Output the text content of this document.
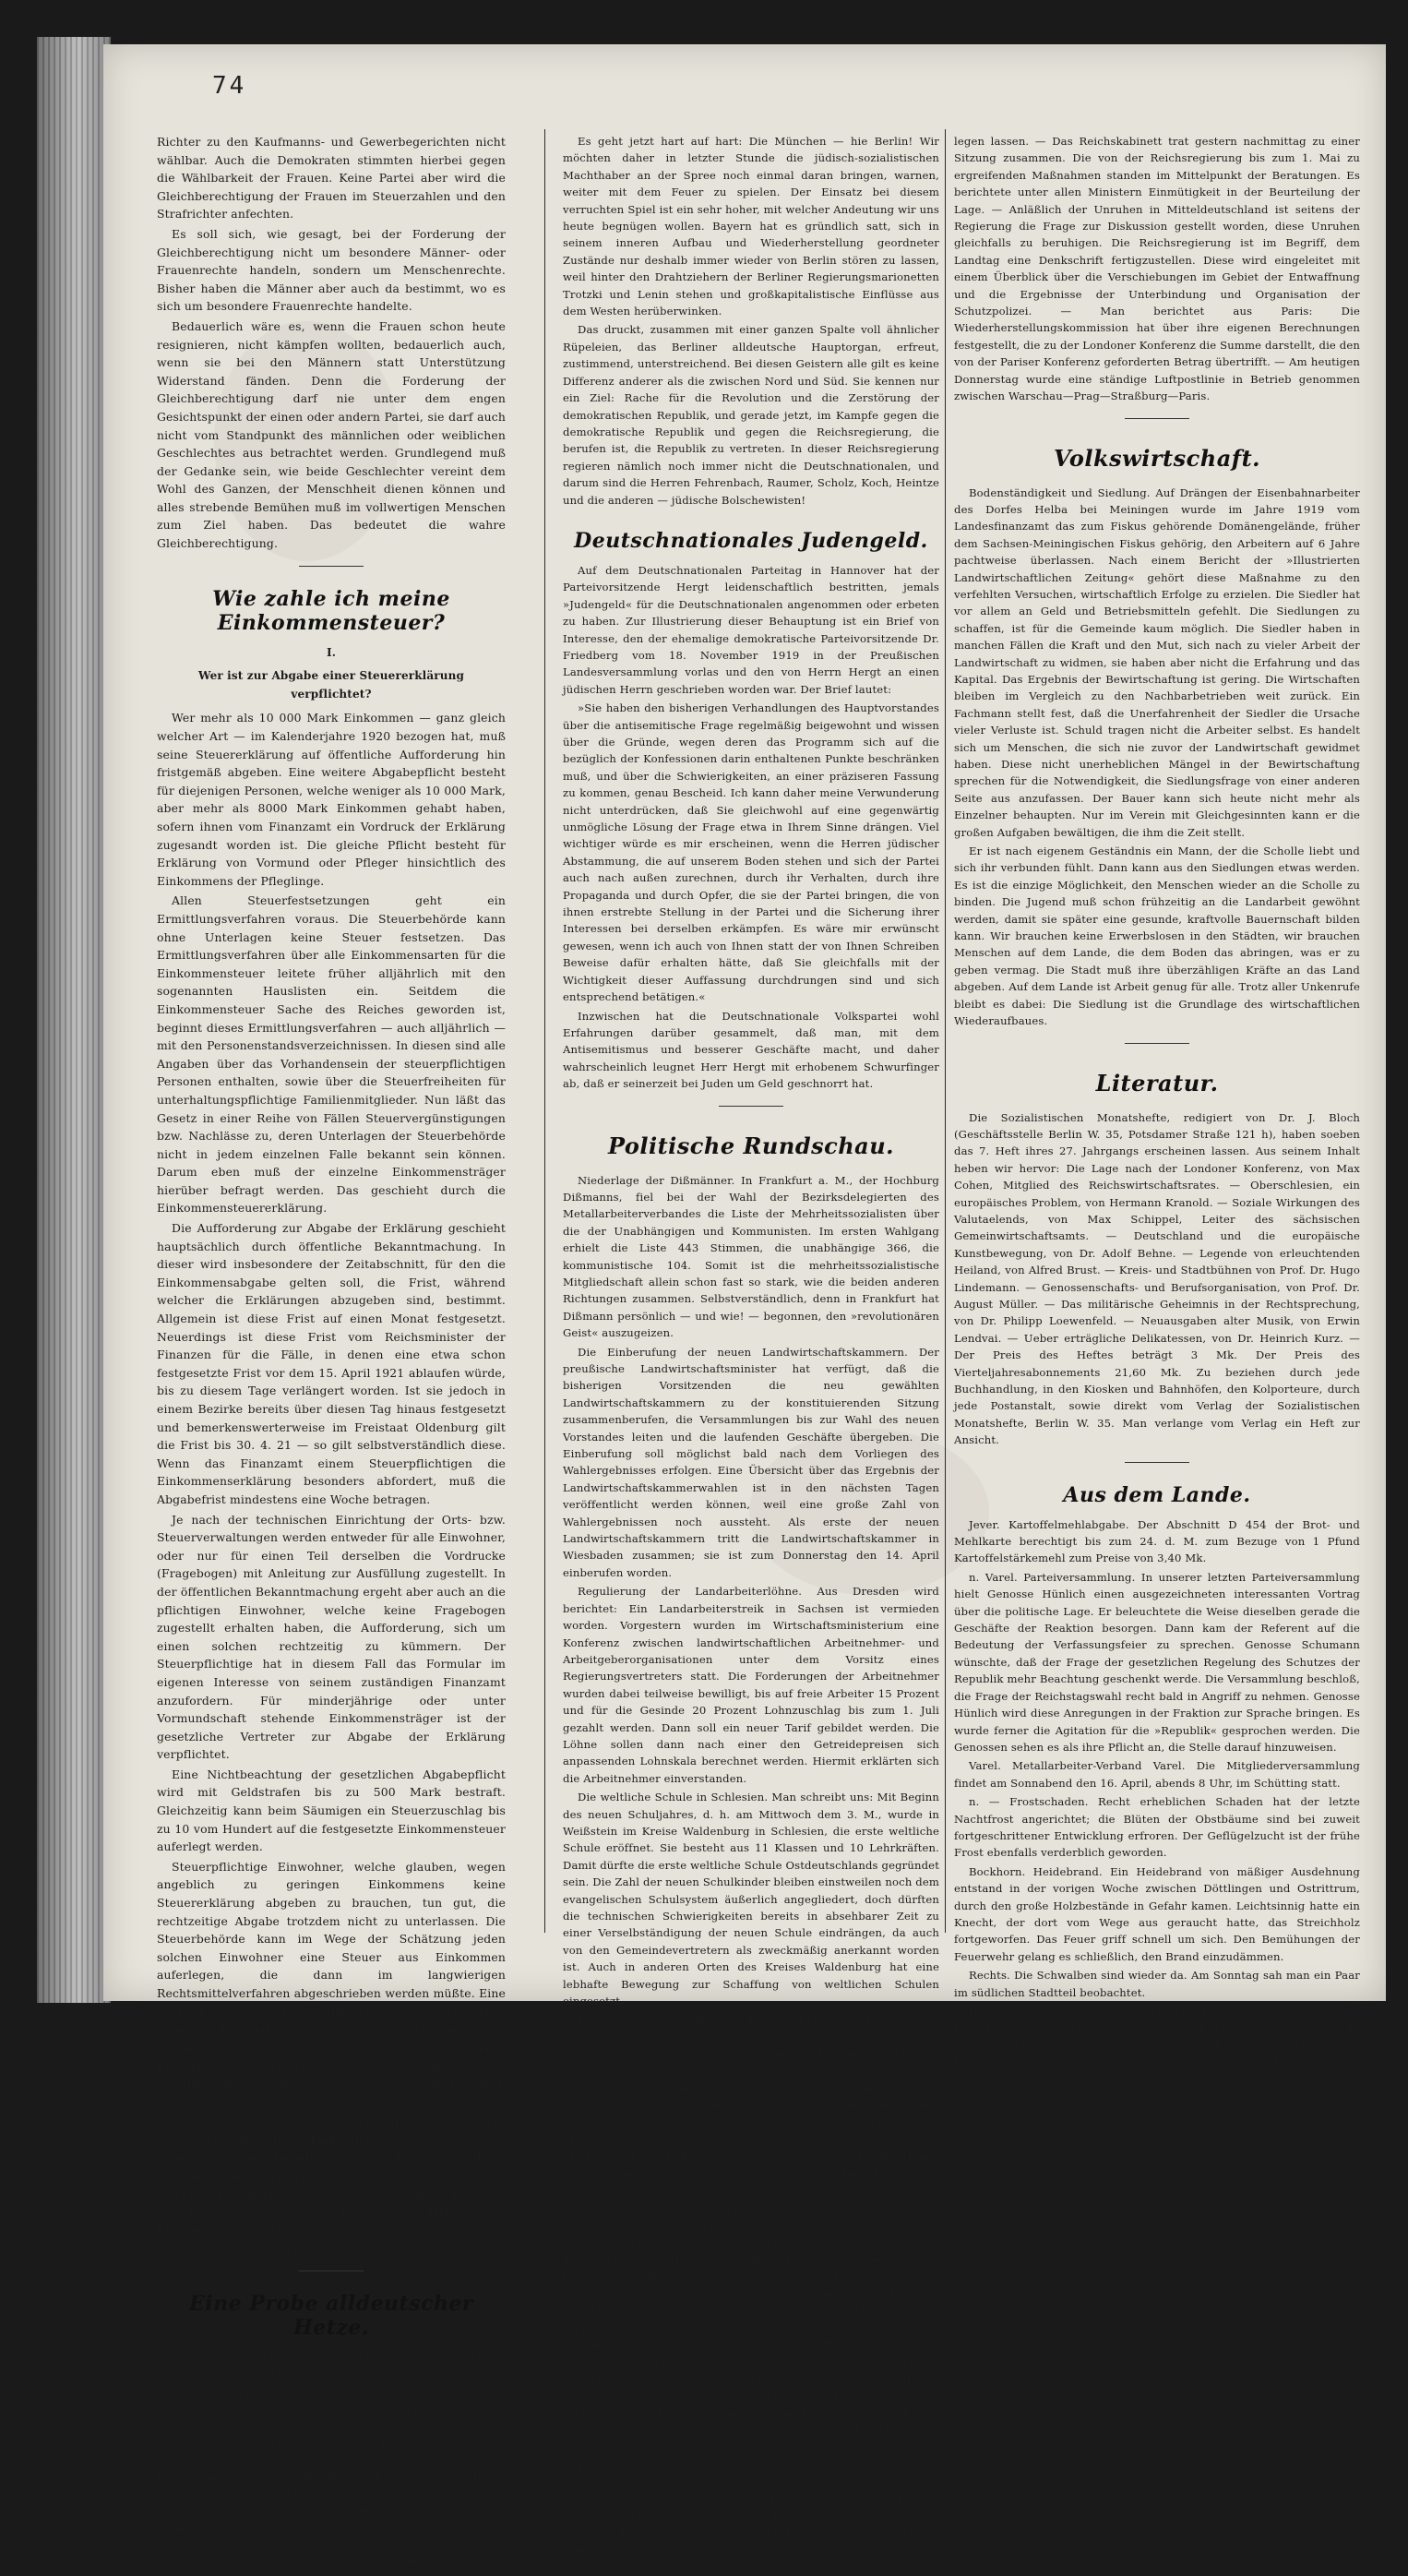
74

Richter zu den Kaufmanns- und Gewerbegerichten nicht wählbar. Auch die Demokraten stimmten hierbei gegen die Wählbarkeit der Frauen. Keine Partei aber wird die Gleichberechtigung der Frauen im Steuerzahlen und den Strafrichter anfechten.

Es soll sich, wie gesagt, bei der Forderung der Gleichberechtigung nicht um besondere Männer- oder Frauenrechte handeln, sondern um Menschenrechte. Bisher haben die Männer aber auch da bestimmt, wo es sich um besondere Frauenrechte handelte.

Bedauerlich wäre es, wenn die Frauen schon heute resignieren, nicht kämpfen wollten, bedauerlich auch, wenn sie bei den Männern statt Unterstützung Widerstand fänden. Denn die Forderung der Gleichberechtigung darf nie unter dem engen Gesichtspunkt der einen oder andern Partei, sie darf auch nicht vom Standpunkt des männlichen oder weiblichen Geschlechtes aus betrachtet werden. Grundlegend muß der Gedanke sein, wie beide Geschlechter vereint dem Wohl des Ganzen, der Menschheit dienen können und alles strebende Bemühen muß im vollwertigen Menschen zum Ziel haben. Das bedeutet die wahre Gleichberechtigung.

Wie zahle ich meine Einkommensteuer?

I.

Wer ist zur Abgabe einer Steuererklärung verpflichtet?

Wer mehr als 10 000 Mark Einkommen — ganz gleich welcher Art — im Kalenderjahre 1920 bezogen hat, muß seine Steuererklärung auf öffentliche Aufforderung hin fristgemäß abgeben. Eine weitere Abgabepflicht besteht für diejenigen Personen, welche weniger als 10 000 Mark, aber mehr als 8000 Mark Einkommen gehabt haben, sofern ihnen vom Finanzamt ein Vordruck der Erklärung zugesandt worden ist. Die gleiche Pflicht besteht für Erklärung von Vormund oder Pfleger hinsichtlich des Einkommens der Pfleglinge.

Allen Steuerfestsetzungen geht ein Ermittlungsverfahren voraus. Die Steuerbehörde kann ohne Unterlagen keine Steuer festsetzen. Das Ermittlungsverfahren über alle Einkommensarten für die Einkommensteuer leitete früher alljährlich mit den sogenannten Hauslisten ein. Seitdem die Einkommensteuer Sache des Reiches geworden ist, beginnt dieses Ermittlungsverfahren — auch alljährlich — mit den Personenstandsverzeichnissen. In diesen sind alle Angaben über das Vorhandensein der steuerpflichtigen Personen enthalten, sowie über die Steuerfreiheiten für unterhaltungspflichtige Familienmitglieder. Nun läßt das Gesetz in einer Reihe von Fällen Steuervergünstigungen bzw. Nachlässe zu, deren Unterlagen der Steuerbehörde nicht in jedem einzelnen Falle bekannt sein können. Darum eben muß der einzelne Einkommensträger hierüber befragt werden. Das geschieht durch die Einkommensteuererklärung.

Die Aufforderung zur Abgabe der Erklärung geschieht hauptsächlich durch öffentliche Bekanntmachung. In dieser wird insbesondere der Zeitabschnitt, für den die Einkommensabgabe gelten soll, die Frist, während welcher die Erklärungen abzugeben sind, bestimmt. Allgemein ist diese Frist auf einen Monat festgesetzt. Neuerdings ist diese Frist vom Reichsminister der Finanzen für die Fälle, in denen eine etwa schon festgesetzte Frist vor dem 15. April 1921 ablaufen würde, bis zu diesem Tage verlängert worden. Ist sie jedoch in einem Bezirke bereits über diesen Tag hinaus festgesetzt und bemerkenswerterweise im Freistaat Oldenburg gilt die Frist bis 30. 4. 21 — so gilt selbstverständlich diese. Wenn das Finanzamt einem Steuerpflichtigen die Einkommenserklärung besonders abfordert, muß die Abgabefrist mindestens eine Woche betragen.

Je nach der technischen Einrichtung der Orts- bzw. Steuerverwaltungen werden entweder für alle Einwohner, oder nur für einen Teil derselben die Vordrucke (Fragebogen) mit Anleitung zur Ausfüllung zugestellt. In der öffentlichen Bekanntmachung ergeht aber auch an die pflichtigen Einwohner, welche keine Fragebogen zugestellt erhalten haben, die Aufforderung, sich um einen solchen rechtzeitig zu kümmern. Der Steuerpflichtige hat in diesem Fall das Formular im eigenen Interesse von seinem zuständigen Finanzamt anzufordern. Für minderjährige oder unter Vormundschaft stehende Einkommensträger ist der gesetzliche Vertreter zur Abgabe der Erklärung verpflichtet.

Eine Nichtbeachtung der gesetzlichen Abgabepflicht wird mit Geldstrafen bis zu 500 Mark bestraft. Gleichzeitig kann beim Säumigen ein Steuerzuschlag bis zu 10 vom Hundert auf die festgesetzte Einkommensteuer auferlegt werden.

Steuerpflichtige Einwohner, welche glauben, wegen angeblich zu geringen Einkommens keine Steuererklärung abgeben zu brauchen, tun gut, die rechtzeitige Abgabe trotzdem nicht zu unterlassen. Die Steuerbehörde kann im Wege der Schätzung jeden solchen Einwohner eine Steuer aus Einkommen auferlegen, die dann im langwierigen Rechtsmittelverfahren abgeschrieben werden müßte. Eine kurze Erklärung der Steuerbehörde gegenüber würde einem solchen Verfahren von Anfang an vorbeugen. Diese Erklärung kann ebenso wie alle anderen Einkommensteuererklärungen jederzeit während der ortsüblichen Dienststunden an Steueramtsstelle mündlich abgegeben werden.

Eine Befreiung von der gesetzlichen Abgabepflicht kann niemals für Einkommensträger, die nur Arbeitseinkommen beziehen, in Frage kommen, weil die Einkommensteuererklärung mit dem Steuerabzuge keinerlei Verbindung hat. Letzterer ist immer noch als Vorschußzahlung auf die mit Hilfe der Einkommensteuererklärung endgültig festzusetzende Steuerpflicht zu betrachten.

Eine Probe alldeutscher Hetze.

Während das offizielle Bayern, repräsentiert durch Herrn von Kahr und begleitet von dem Toben der bayerischen Einwohnerwehrpresse, mit der Reichsregierung noch einen Kompromiß zu erstreben beliebt, der in seiner Wirkung auf die deutsche Öffentlichkeit nur durch die gleichzeitigen, von etwas wichtigeren Reden des Herrn Briand beeinträchtigt werden konnte — gibt sich zwischen den Führern dieser Reaktionären eine wahrhaft rührende Intimität. Die Vertreter der Alldeutschen schreiben, um nur eine zu nennen, in der Berliner »Deutschen Zeitung« durch ihre Führer des Münchener Herrn Dr. Schenz, den verbrecherischen Schutzbund des Vizekanzlers Dr. Heinze, Schäze verbrüderlicht. Dies ist als Kriegsregie, der der Schutz.

Es geht jetzt hart auf hart: Die München — hie Berlin! Wir möchten daher in letzter Stunde die jüdisch-sozialistischen Machthaber an der Spree noch einmal daran bringen, warnen, weiter mit dem Feuer zu spielen. Der Einsatz bei diesem verruchten Spiel ist ein sehr hoher, mit welcher Andeutung wir uns heute begnügen wollen. Bayern hat es gründlich satt, sich in seinem inneren Aufbau und Wiederherstellung geordneter Zustände nur deshalb immer wieder von Berlin stören zu lassen, weil hinter den Drahtziehern der Berliner Regierungsmarionetten Trotzki und Lenin stehen und großkapitalistische Einflüsse aus dem Westen herüberwinken.

Das druckt, zusammen mit einer ganzen Spalte voll ähnlicher Rüpeleien, das Berliner alldeutsche Hauptorgan, erfreut, zustimmend, unterstreichend. Bei diesen Geistern alle gilt es keine Differenz anderer als die zwischen Nord und Süd. Sie kennen nur ein Ziel: Rache für die Revolution und die Zerstörung der demokratischen Republik, und gerade jetzt, im Kampfe gegen die demokratische Republik und gegen die Reichsregierung, die berufen ist, die Republik zu vertreten. In dieser Reichsregierung regieren nämlich noch immer nicht die Deutschnationalen, und darum sind die Herren Fehrenbach, Raumer, Scholz, Koch, Heintze und die anderen — jüdische Bolschewisten!

Deutschnationales Judengeld.

Auf dem Deutschnationalen Parteitag in Hannover hat der Parteivorsitzende Hergt leidenschaftlich bestritten, jemals »Judengeld« für die Deutschnationalen angenommen oder erbeten zu haben. Zur Illustrierung dieser Behauptung ist ein Brief von Interesse, den der ehemalige demokratische Parteivorsitzende Dr. Friedberg vom 18. November 1919 in der Preußischen Landesversammlung vorlas und den von Herrn Hergt an einen jüdischen Herrn geschrieben worden war. Der Brief lautet:

»Sie haben den bisherigen Verhandlungen des Hauptvorstandes über die antisemitische Frage regelmäßig beigewohnt und wissen über die Gründe, wegen deren das Programm sich auf die bezüglich der Konfessionen darin enthaltenen Punkte beschränken muß, und über die Schwierigkeiten, an einer präziseren Fassung zu kommen, genau Bescheid. Ich kann daher meine Verwunderung nicht unterdrücken, daß Sie gleichwohl auf eine gegenwärtig unmögliche Lösung der Frage etwa in Ihrem Sinne drängen. Viel wichtiger würde es mir erscheinen, wenn die Herren jüdischer Abstammung, die auf unserem Boden stehen und sich der Partei auch nach außen zurechnen, durch ihr Verhalten, durch ihre Propaganda und durch Opfer, die sie der Partei bringen, die von ihnen erstrebte Stellung in der Partei und die Sicherung ihrer Interessen bei derselben erkämpfen. Es wäre mir erwünscht gewesen, wenn ich auch von Ihnen statt der von Ihnen Schreiben Beweise dafür erhalten hätte, daß Sie gleichfalls mit der Wichtigkeit dieser Auffassung durchdrungen sind und sich entsprechend betätigen.«

Inzwischen hat die Deutschnationale Volkspartei wohl Erfahrungen darüber gesammelt, daß man, mit dem Antisemitismus und besserer Geschäfte macht, und daher wahrscheinlich leugnet Herr Hergt mit erhobenem Schwurfinger ab, daß er seinerzeit bei Juden um Geld geschnorrt hat.

Politische Rundschau.

Niederlage der Dißmänner. In Frankfurt a. M., der Hochburg Dißmanns, fiel bei der Wahl der Bezirksdelegierten des Metallarbeiterverbandes die Liste der Mehrheitssozialisten über die der Unabhängigen und Kommunisten. Im ersten Wahlgang erhielt die Liste 443 Stimmen, die unabhängige 366, die kommunistische 104. Somit ist die mehrheitssozialistische Mitgliedschaft allein schon fast so stark, wie die beiden anderen Richtungen zusammen. Selbstverständlich, denn in Frankfurt hat Dißmann persönlich — und wie! — begonnen, den »revolutionären Geist« auszugeizen.

Die Einberufung der neuen Landwirtschaftskammern. Der preußische Landwirtschaftsminister hat verfügt, daß die bisherigen Vorsitzenden die neu gewählten Landwirtschaftskammern zu der konstituierenden Sitzung zusammenberufen, die Versammlungen bis zur Wahl des neuen Vorstandes leiten und die laufenden Geschäfte übergeben. Die Einberufung soll möglichst bald nach dem Vorliegen des Wahlergebnisses erfolgen. Eine Übersicht über das Ergebnis der Landwirtschaftskammerwahlen ist in den nächsten Tagen veröffentlicht werden können, weil eine große Zahl von Wahlergebnissen noch aussteht. Als erste der neuen Landwirtschaftskammern tritt die Landwirtschaftskammer in Wiesbaden zusammen; sie ist zum Donnerstag den 14. April einberufen worden.

Regulierung der Landarbeiterlöhne. Aus Dresden wird berichtet: Ein Landarbeiterstreik in Sachsen ist vermieden worden. Vorgestern wurden im Wirtschaftsministerium eine Konferenz zwischen landwirtschaftlichen Arbeitnehmer- und Arbeitgeberorganisationen unter dem Vorsitz eines Regierungsvertreters statt. Die Forderungen der Arbeitnehmer wurden dabei teilweise bewilligt, bis auf freie Arbeiter 15 Prozent und für die Gesinde 20 Prozent Lohnzuschlag bis zum 1. Juli gezahlt werden. Dann soll ein neuer Tarif gebildet werden. Die Löhne sollen dann nach einer den Getreidepreisen sich anpassenden Lohnskala berechnet werden. Hiermit erklärten sich die Arbeitnehmer einverstanden.

Die weltliche Schule in Schlesien. Man schreibt uns: Mit Beginn des neuen Schuljahres, d. h. am Mittwoch dem 3. M., wurde in Weißstein im Kreise Waldenburg in Schlesien, die erste weltliche Schule eröffnet. Sie besteht aus 11 Klassen und 10 Lehrkräften. Damit dürfte die erste weltliche Schule Ostdeutschlands gegründet sein. Die Zahl der neuen Schulkinder bleiben einstweilen noch dem evangelischen Schulsystem äußerlich angegliedert, doch dürften die technischen Schwierigkeiten bereits in absehbarer Zeit zu einer Verselbständigung der neuen Schule eindrängen, da auch von den Gemeindevertretern als zweckmäßig anerkannt worden ist. Auch in anderen Orten des Kreises Waldenburg hat eine lebhafte Bewegung zur Schaffung von weltlichen Schulen eingesetzt.

Lösung der Schulgeldfrage in Bremen. Die Bremer Bürgerschaft hat eine Vorlage über die Erhöhung des Schulgeldes an den staatlichen höheren Schulen angenommen. Die neue Vorlage ist dadurch beachtenswert, daß sie sowohl die kinderreichen Familien als auch das Einkommen des Unterhaltspflichtigen berücksichtigt. Der jährliche Schulgeldbetrag liegt bei 50 Mark bei einem Einkommen von weniger als 10 000 Mark und wenigstens 4 Kindern bis zu 1000 Mark bei einem Einkommen von 100 000 Mark und 1 Kind. Begabte Kinder können Schulgeldbefreiung erhalten, und zwar sollen dabei solche würdige Kinder das Schulgeld noch weiter ermäßigen oder ganz erlassen.

Rechtsgültigkeit der Höchstmietenverordnung. Von gut informierter juristischer Seite wird uns geschrieben: Die Hausbesitzerorganisation behauptet trotz der vom Reichsjustizministerium in Reichstag abgegebenen, im Justizministerialblatt unter dem 24. Dezember 1920 veröffentlichten Erklärung der Reichsregierung, daß die Höchstmietenordnung rechtsgültig ist. Demgegenüber wird zur Aufklärung der Mieter darauf hingewiesen, daß sowohl das Kammergericht im Juni vorigen Jahres die Rechtsgültigkeit der Verordnung anerkannt hat, wie auch das Oberlandesgericht in Celle in längeren rechtlichen Ausführungen die Rechtsgültigkeit der Verordnung, insbesondere auch des § 6, bejahte. Nach Auffassung des Reichsjustizministeriums bedarf es daher keiner besonderen Bestätigung der Verordnung nicht erforderlich gewesen sei.

Politische Notizen. Das außerordentliche Berliner Gericht verurteilte fünf Mitglieder der kommunistischen Partei, die einen Sprengstoff gefunden war, um das Polizeigebäude in die Luft zu sprengen, zu Zuchthausstrafen von 7 bis 9 Jahren. — Am Sarge der früheren Kaiserin wird die Demokratische Partei zugleich im Namen ihrer Reichstags- und Landtagsfraktion einen Kranz niederlegen lassen.

legen lassen. — Das Reichskabinett trat gestern nachmittag zu einer Sitzung zusammen. Die von der Reichsregierung bis zum 1. Mai zu ergreifenden Maßnahmen standen im Mittelpunkt der Beratungen. Es berichtete unter allen Ministern Einmütigkeit in der Beurteilung der Lage. — Anläßlich der Unruhen in Mitteldeutschland ist seitens der Regierung die Frage zur Diskussion gestellt worden, diese Unruhen gleichfalls zu beruhigen. Die Reichsregierung ist im Begriff, dem Landtag eine Denkschrift fertigzustellen. Diese wird eingeleitet mit einem Überblick über die Verschiebungen im Gebiet der Entwaffnung und die Ergebnisse der Unterbindung und Organisation der Schutzpolizei. — Man berichtet aus Paris: Die Wiederherstellungskommission hat über ihre eigenen Berechnungen festgestellt, die zu der Londoner Konferenz die Summe darstellt, die den von der Pariser Konferenz geforderten Betrag übertrifft. — Am heutigen Donnerstag wurde eine ständige Luftpostlinie in Betrieb genommen zwischen Warschau—Prag—Straßburg—Paris.

Volkswirtschaft.

Bodenständigkeit und Siedlung. Auf Drängen der Eisenbahnarbeiter des Dorfes Helba bei Meiningen wurde im Jahre 1919 vom Landesfinanzamt das zum Fiskus gehörende Domänengelände, früher dem Sachsen-Meiningischen Fiskus gehörig, den Arbeitern auf 6 Jahre pachtweise überlassen. Nach einem Bericht der »Illustrierten Landwirtschaftlichen Zeitung« gehört diese Maßnahme zu den verfehlten Versuchen, wirtschaftlich Erfolge zu erzielen. Die Siedler hat vor allem an Geld und Betriebsmitteln gefehlt. Die Siedlungen zu schaffen, ist für die Gemeinde kaum möglich. Die Siedler haben in manchen Fällen die Kraft und den Mut, sich nach zu vieler Arbeit der Landwirtschaft zu widmen, sie haben aber nicht die Erfahrung und das Kapital. Das Ergebnis der Bewirtschaftung ist gering. Die Wirtschaften bleiben im Vergleich zu den Nachbarbetrieben weit zurück. Ein Fachmann stellt fest, daß die Unerfahrenheit der Siedler die Ursache vieler Verluste ist. Schuld tragen nicht die Arbeiter selbst. Es handelt sich um Menschen, die sich nie zuvor der Landwirtschaft gewidmet haben. Diese nicht unerheblichen Mängel in der Bewirtschaftung sprechen für die Notwendigkeit, die Siedlungsfrage von einer anderen Seite aus anzufassen. Der Bauer kann sich heute nicht mehr als Einzelner behaupten. Nur im Verein mit Gleichgesinnten kann er die großen Aufgaben bewältigen, die ihm die Zeit stellt.

Er ist nach eigenem Geständnis ein Mann, der die Scholle liebt und sich ihr verbunden fühlt. Dann kann aus den Siedlungen etwas werden. Es ist die einzige Möglichkeit, den Menschen wieder an die Scholle zu binden. Die Jugend muß schon frühzeitig an die Landarbeit gewöhnt werden, damit sie später eine gesunde, kraftvolle Bauernschaft bilden kann. Wir brauchen keine Erwerbslosen in den Städten, wir brauchen Menschen auf dem Lande, die dem Boden das abringen, was er zu geben vermag. Die Stadt muß ihre überzähligen Kräfte an das Land abgeben. Auf dem Lande ist Arbeit genug für alle. Trotz aller Unkenrufe bleibt es dabei: Die Siedlung ist die Grundlage des wirtschaftlichen Wiederaufbaues.

Literatur.

Die Sozialistischen Monatshefte, redigiert von Dr. J. Bloch (Geschäftsstelle Berlin W. 35, Potsdamer Straße 121 h), haben soeben das 7. Heft ihres 27. Jahrgangs erscheinen lassen. Aus seinem Inhalt heben wir hervor: Die Lage nach der Londoner Konferenz, von Max Cohen, Mitglied des Reichswirtschaftsrates. — Oberschlesien, ein europäisches Problem, von Hermann Kranold. — Soziale Wirkungen des Valutaelends, von Max Schippel, Leiter des sächsischen Gemeinwirtschaftsamts. — Deutschland und die europäische Kunstbewegung, von Dr. Adolf Behne. — Legende von erleuchtenden Heiland, von Alfred Brust. — Kreis- und Stadtbühnen von Prof. Dr. Hugo Lindemann. — Genossenschafts- und Berufsorganisation, von Prof. Dr. August Müller. — Das militärische Geheimnis in der Rechtsprechung, von Dr. Philipp Loewenfeld. — Neuausgaben alter Musik, von Erwin Lendvai. — Ueber erträgliche Delikatessen, von Dr. Heinrich Kurz. — Der Preis des Heftes beträgt 3 Mk. Der Preis des Vierteljahresabonnements 21,60 Mk. Zu beziehen durch jede Buchhandlung, in den Kiosken und Bahnhöfen, den Kolporteure, durch jede Postanstalt, sowie direkt vom Verlag der Sozialistischen Monatshefte, Berlin W. 35. Man verlange vom Verlag ein Heft zur Ansicht.

Aus dem Lande.

Jever. Kartoffelmehlabgabe. Der Abschnitt D 454 der Brot- und Mehlkarte berechtigt bis zum 24. d. M. zum Bezuge von 1 Pfund Kartoffelstärkemehl zum Preise von 3,40 Mk.

n. Varel. Parteiversammlung. In unserer letzten Parteiversammlung hielt Genosse Hünlich einen ausgezeichneten interessanten Vortrag über die politische Lage. Er beleuchtete die Weise dieselben gerade die Geschäfte der Reaktion besorgen. Dann kam der Referent auf die Bedeutung der Verfassungsfeier zu sprechen. Genosse Schumann wünschte, daß der Frage der gesetzlichen Regelung des Schutzes der Republik mehr Beachtung geschenkt werde. Die Versammlung beschloß, die Frage der Reichstagswahl recht bald in Angriff zu nehmen. Genosse Hünlich wird diese Anregungen in der Fraktion zur Sprache bringen. Es wurde ferner die Agitation für die »Republik« gesprochen werden. Die Genossen sehen es als ihre Pflicht an, die Stelle darauf hinzuweisen.

Varel. Metallarbeiter-Verband Varel. Die Mitgliederversammlung findet am Sonnabend den 16. April, abends 8 Uhr, im Schütting statt.

n. — Frostschaden. Recht erheblichen Schaden hat der letzte Nachtfrost angerichtet; die Blüten der Obstbäume sind bei zuweit fortgeschrittener Entwicklung erfroren. Der Geflügelzucht ist der frühe Frost ebenfalls verderblich geworden.

Bockhorn. Heidebrand. Ein Heidebrand von mäßiger Ausdehnung entstand in der vorigen Woche zwischen Döttlingen und Ostrittrum, durch den große Holzbestände in Gefahr kamen. Leichtsinnig hatte ein Knecht, der dort vom Wege aus geraucht hatte, das Streichholz fortgeworfen. Das Feuer griff schnell um sich. Den Bemühungen der Feuerwehr gelang es schließlich, den Brand einzudämmen.

Rechts. Die Schwalben sind wieder da. Am Sonntag sah man ein Paar im südlichen Stadtteil beobachtet.

Döttlingen. Die Mitglieder der Feuerwehr wurden zu einem Heidebrand gerufen. Der Brand konnte bei dem Winde rasch gelöscht werden. Die Ursache des Feuers ist noch nicht aufgeklärt. Ein Kiefernbestand von etwa 30 Jahren ist durch den Brand zerstört worden. Dem Besitzer ist ein großer Schaden entstanden, der durch Versicherung nicht gedeckt ist.
